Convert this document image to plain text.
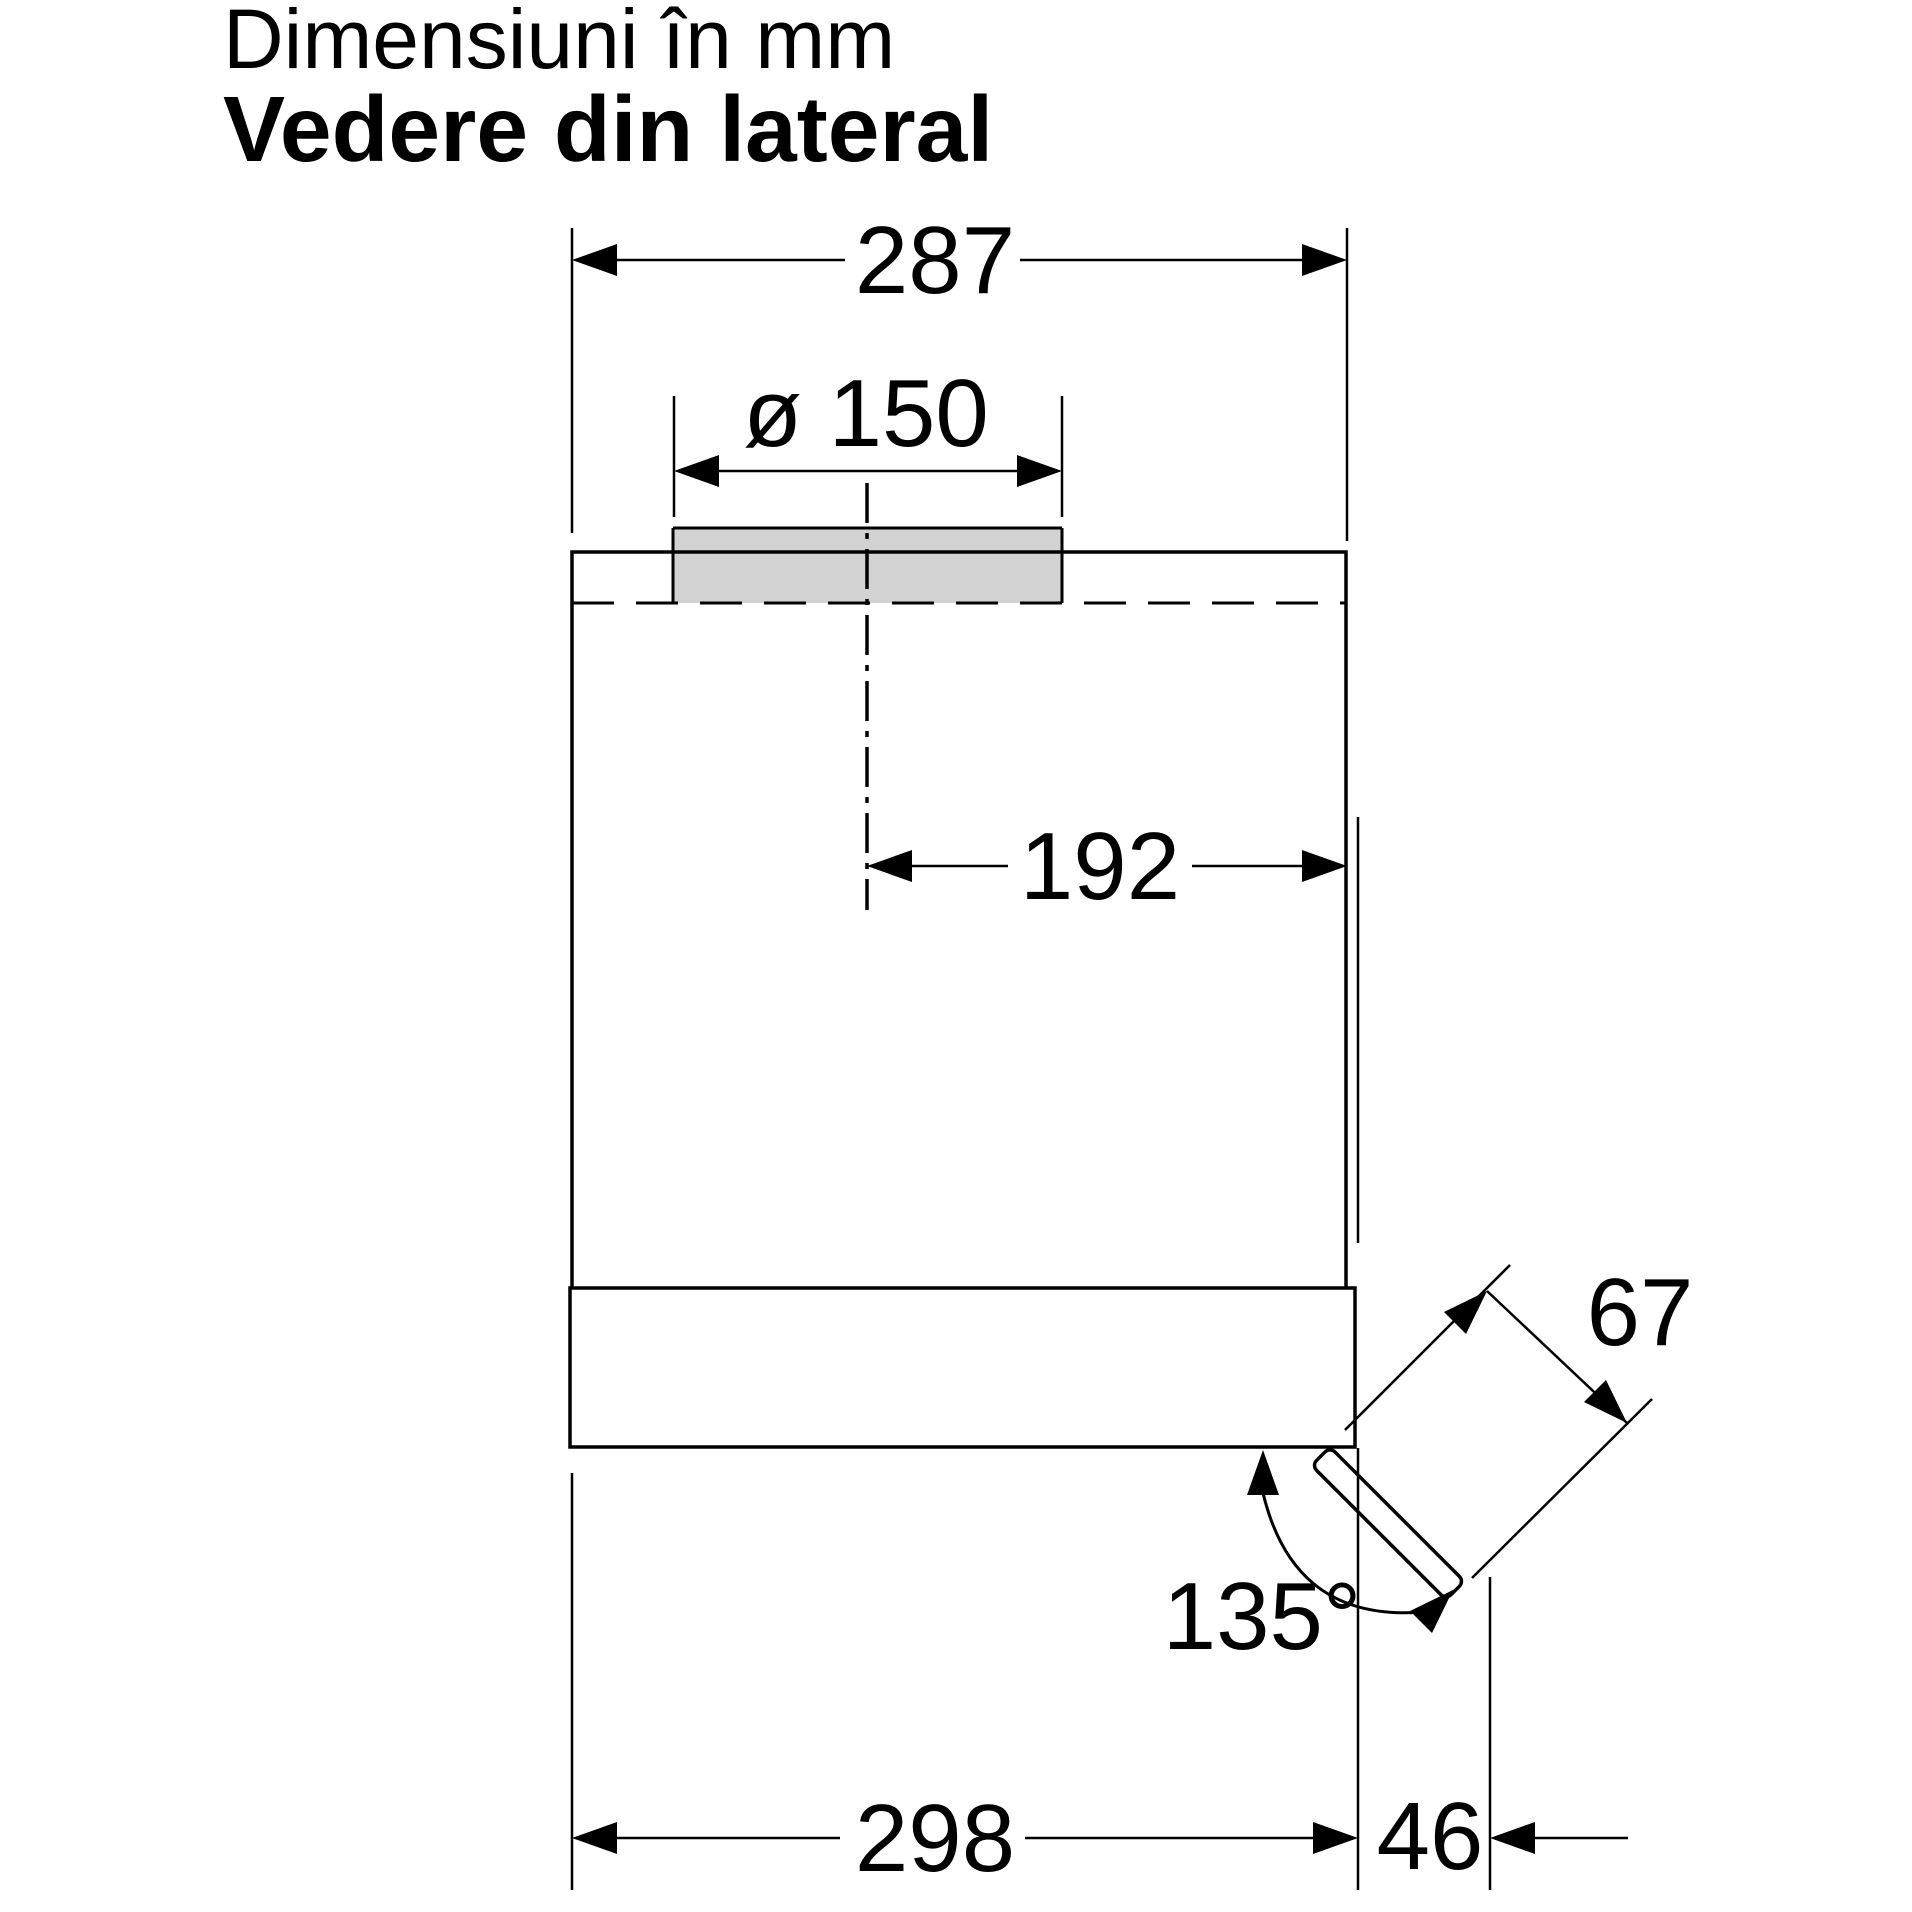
Dimensiuni în mm
Vedere din lateral
287
ø 150
192
67
135°
298	46
